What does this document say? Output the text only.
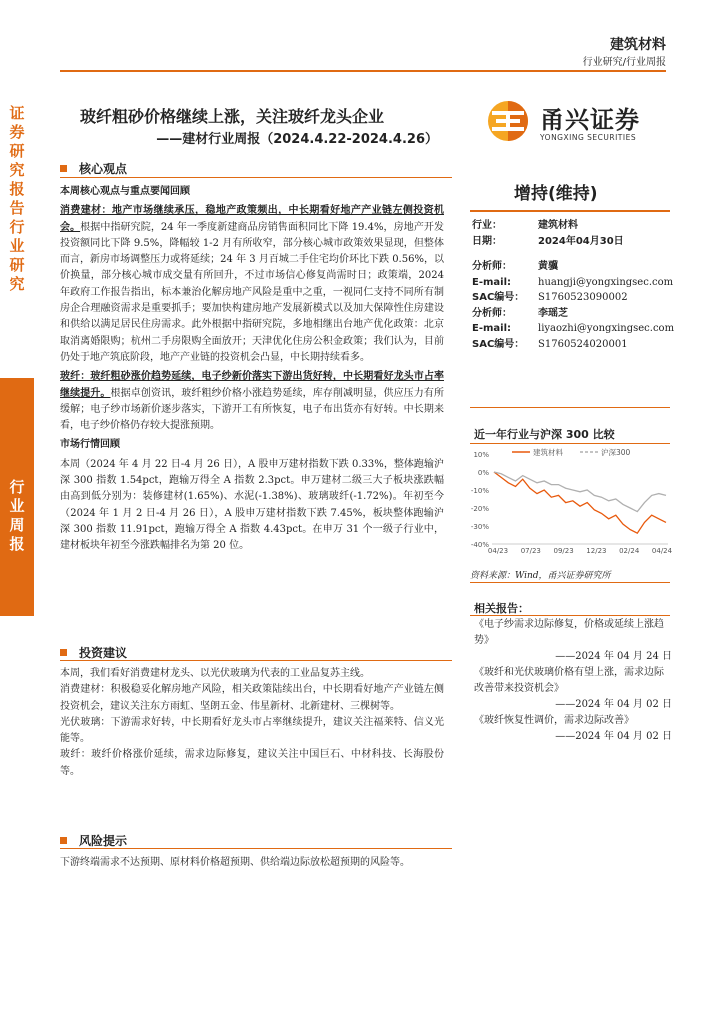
建筑材料
行业研究/行业周报
证券研究报告 行业研究
行业周报
玻纤粗砂价格继续上涨，关注玻纤龙头企业
——建材行业周报（2024.4.22-2024.4.26）
甬兴证券
YONGXING SECURITIES
核心观点
本周核心观点与重点要闻回顾
消费建材：地产市场继续承压，稳地产政策频出，中长期看好地产产业链左侧投资机会。根据中指研究院，24 年一季度新建商品房销售面积同比下降 19.4%，房地产开发投资额同比下降 9.5%，降幅较 1-2 月有所收窄，部分核心城市政策效果显现，但整体而言，新房市场调整压力或将延续；24 年 3 月百城二手住宅均价环比下跌 0.56%，以价换量，部分核心城市成交量有所回升，不过市场信心修复尚需时日；政策端，2024 年政府工作报告指出，标本兼治化解房地产风险是重中之重，一视同仁支持不同所有制房企合理融资需求是重要抓手；要加快构建房地产发展新模式以及加大保障性住房建设和供给以满足居民住房需求。此外根据中指研究院，多地相继出台地产优化政策：北京取消离婚限购；杭州二手房限购全面放开；天津优化住房公积金政策；我们认为，目前仍处于地产筑底阶段，地产产业链的投资机会凸显，中长期持续看多。
玻纤：玻纤粗砂涨价趋势延续，电子纱新价落实下游出货好转，中长期看好龙头市占率继续提升。根据卓创资讯，玻纤粗纱价格小涨趋势延续，库存削减明显，供应压力有所缓解；电子纱市场新价逐步落实，下游开工有所恢复，电子布出货亦有好转。中长期来看，电子纱价格仍存较大提涨预期。
市场行情回顾
本周（2024 年 4 月 22 日-4 月 26 日），A 股申万建材指数下跌 0.33%，整体跑输沪深 300 指数 1.54pct，跑输万得全 A 指数 2.3pct。申万建材二级三大子板块涨跌幅由高到低分别为：装修建材(1.65%)、水泥(-1.38%)、玻璃玻纤(-1.72%)。年初至今（2024 年 1 月 2 日-4 月 26 日），A 股申万建材指数下跌 7.45%，板块整体跑输沪深 300 指数 11.91pct，跑输万得全 A 指数 4.43pct。在申万 31 个一级子行业中，建材板块年初至今涨跌幅排名为第 20 位。
投资建议
本周，我们看好消费建材龙头、以光伏玻璃为代表的工业品复苏主线。
消费建材：积极稳妥化解房地产风险，相关政策陆续出台，中长期看好地产产业链左侧投资机会，建议关注东方雨虹、坚朗五金、伟星新材、北新建材、三棵树等。
光伏玻璃：下游需求好转，中长期看好龙头市占率继续提升，建议关注福莱特、信义光能等。
玻纤：玻纤价格涨价延续，需求边际修复，建议关注中国巨石、中材科技、长海股份等。
风险提示
下游终端需求不达预期、原材料价格超预期、供给端边际放松超预期的风险等。
增持(维持)
行业：	建筑材料
日期：	2024年04月30日
分析师：	黄骥
E-mail:	huangji@yongxingsec.com
SAC编号：	S1760523090002
分析师：	李瑶芝
E-mail:	liyaozhi@yongxingsec.com
SAC编号：	S1760524020001
近一年行业与沪深 300 比较
10%
0%
-10%
-20%
-30%
-40%
04/23 07/23 09/23 12/23 02/24 04/24
建筑材料	沪深300
资料来源：Wind，甬兴证券研究所
相关报告：
《电子纱需求边际修复，价格或延续上涨趋势》
——2024 年 04 月 24 日
《玻纤和光伏玻璃价格有望上涨，需求边际改善带来投资机会》
——2024 年 04 月 02 日
《玻纤恢复性调价，需求边际改善》
——2024 年 04 月 02 日
